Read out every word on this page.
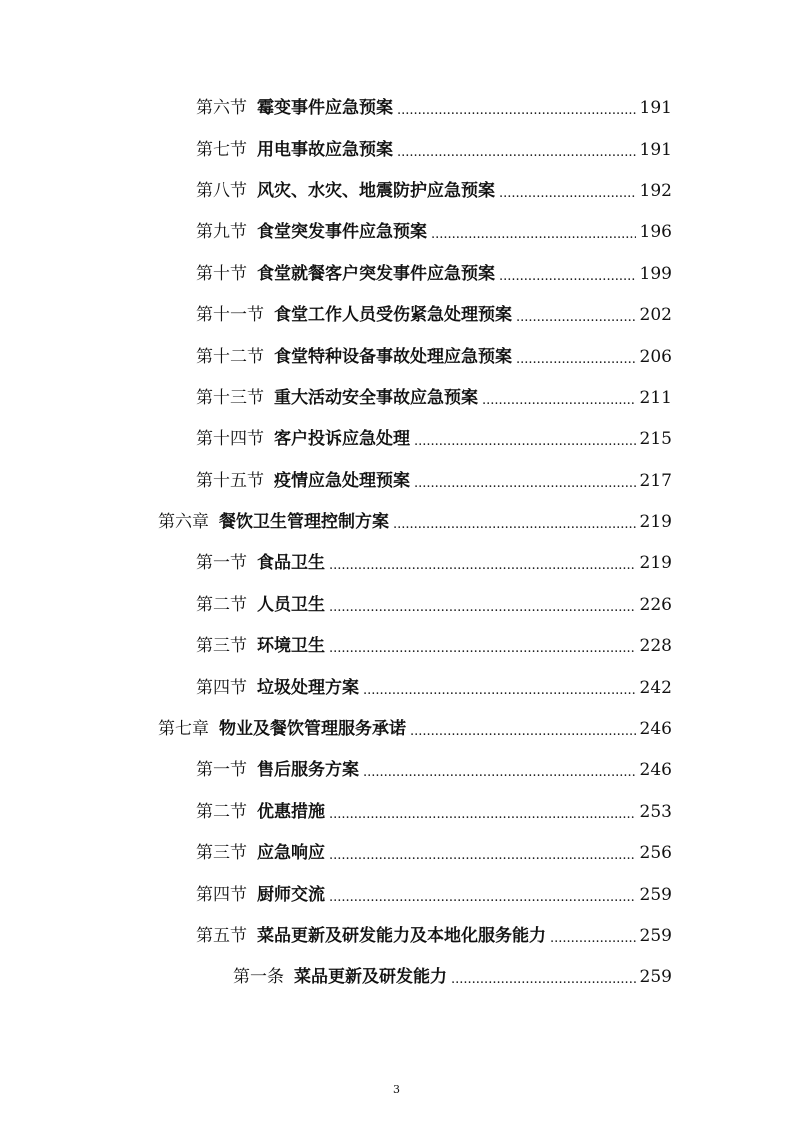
第六节 霉变事件应急预案 .....	191
第七节 用电事故应急预案 .....	191
第八节 风灾、水灾、地震防护应急预案 .....	192
第九节 食堂突发事件应急预案 .....	196
第十节 食堂就餐客户突发事件应急预案 .....	199
第十一节 食堂工作人员受伤紧急处理预案 .....	202
第十二节 食堂特种设备事故处理应急预案 .....	206
第十三节 重大活动安全事故应急预案 .....	211
第十四节 客户投诉应急处理 .....	215
第十五节 疫情应急处理预案 .....	217
第六章 餐饮卫生管理控制方案 .....	219
第一节 食品卫生 .....	219
第二节 人员卫生 .....	226
第三节 环境卫生 .....	228
第四节 垃圾处理方案 .....	242
第七章 物业及餐饮管理服务承诺 .....	246
第一节 售后服务方案 .....	246
第二节 优惠措施 .....	253
第三节 应急响应 .....	256
第四节 厨师交流 .....	259
第五节 菜品更新及研发能力及本地化服务能力 .....	259
第一条 菜品更新及研发能力 .....	259
3
